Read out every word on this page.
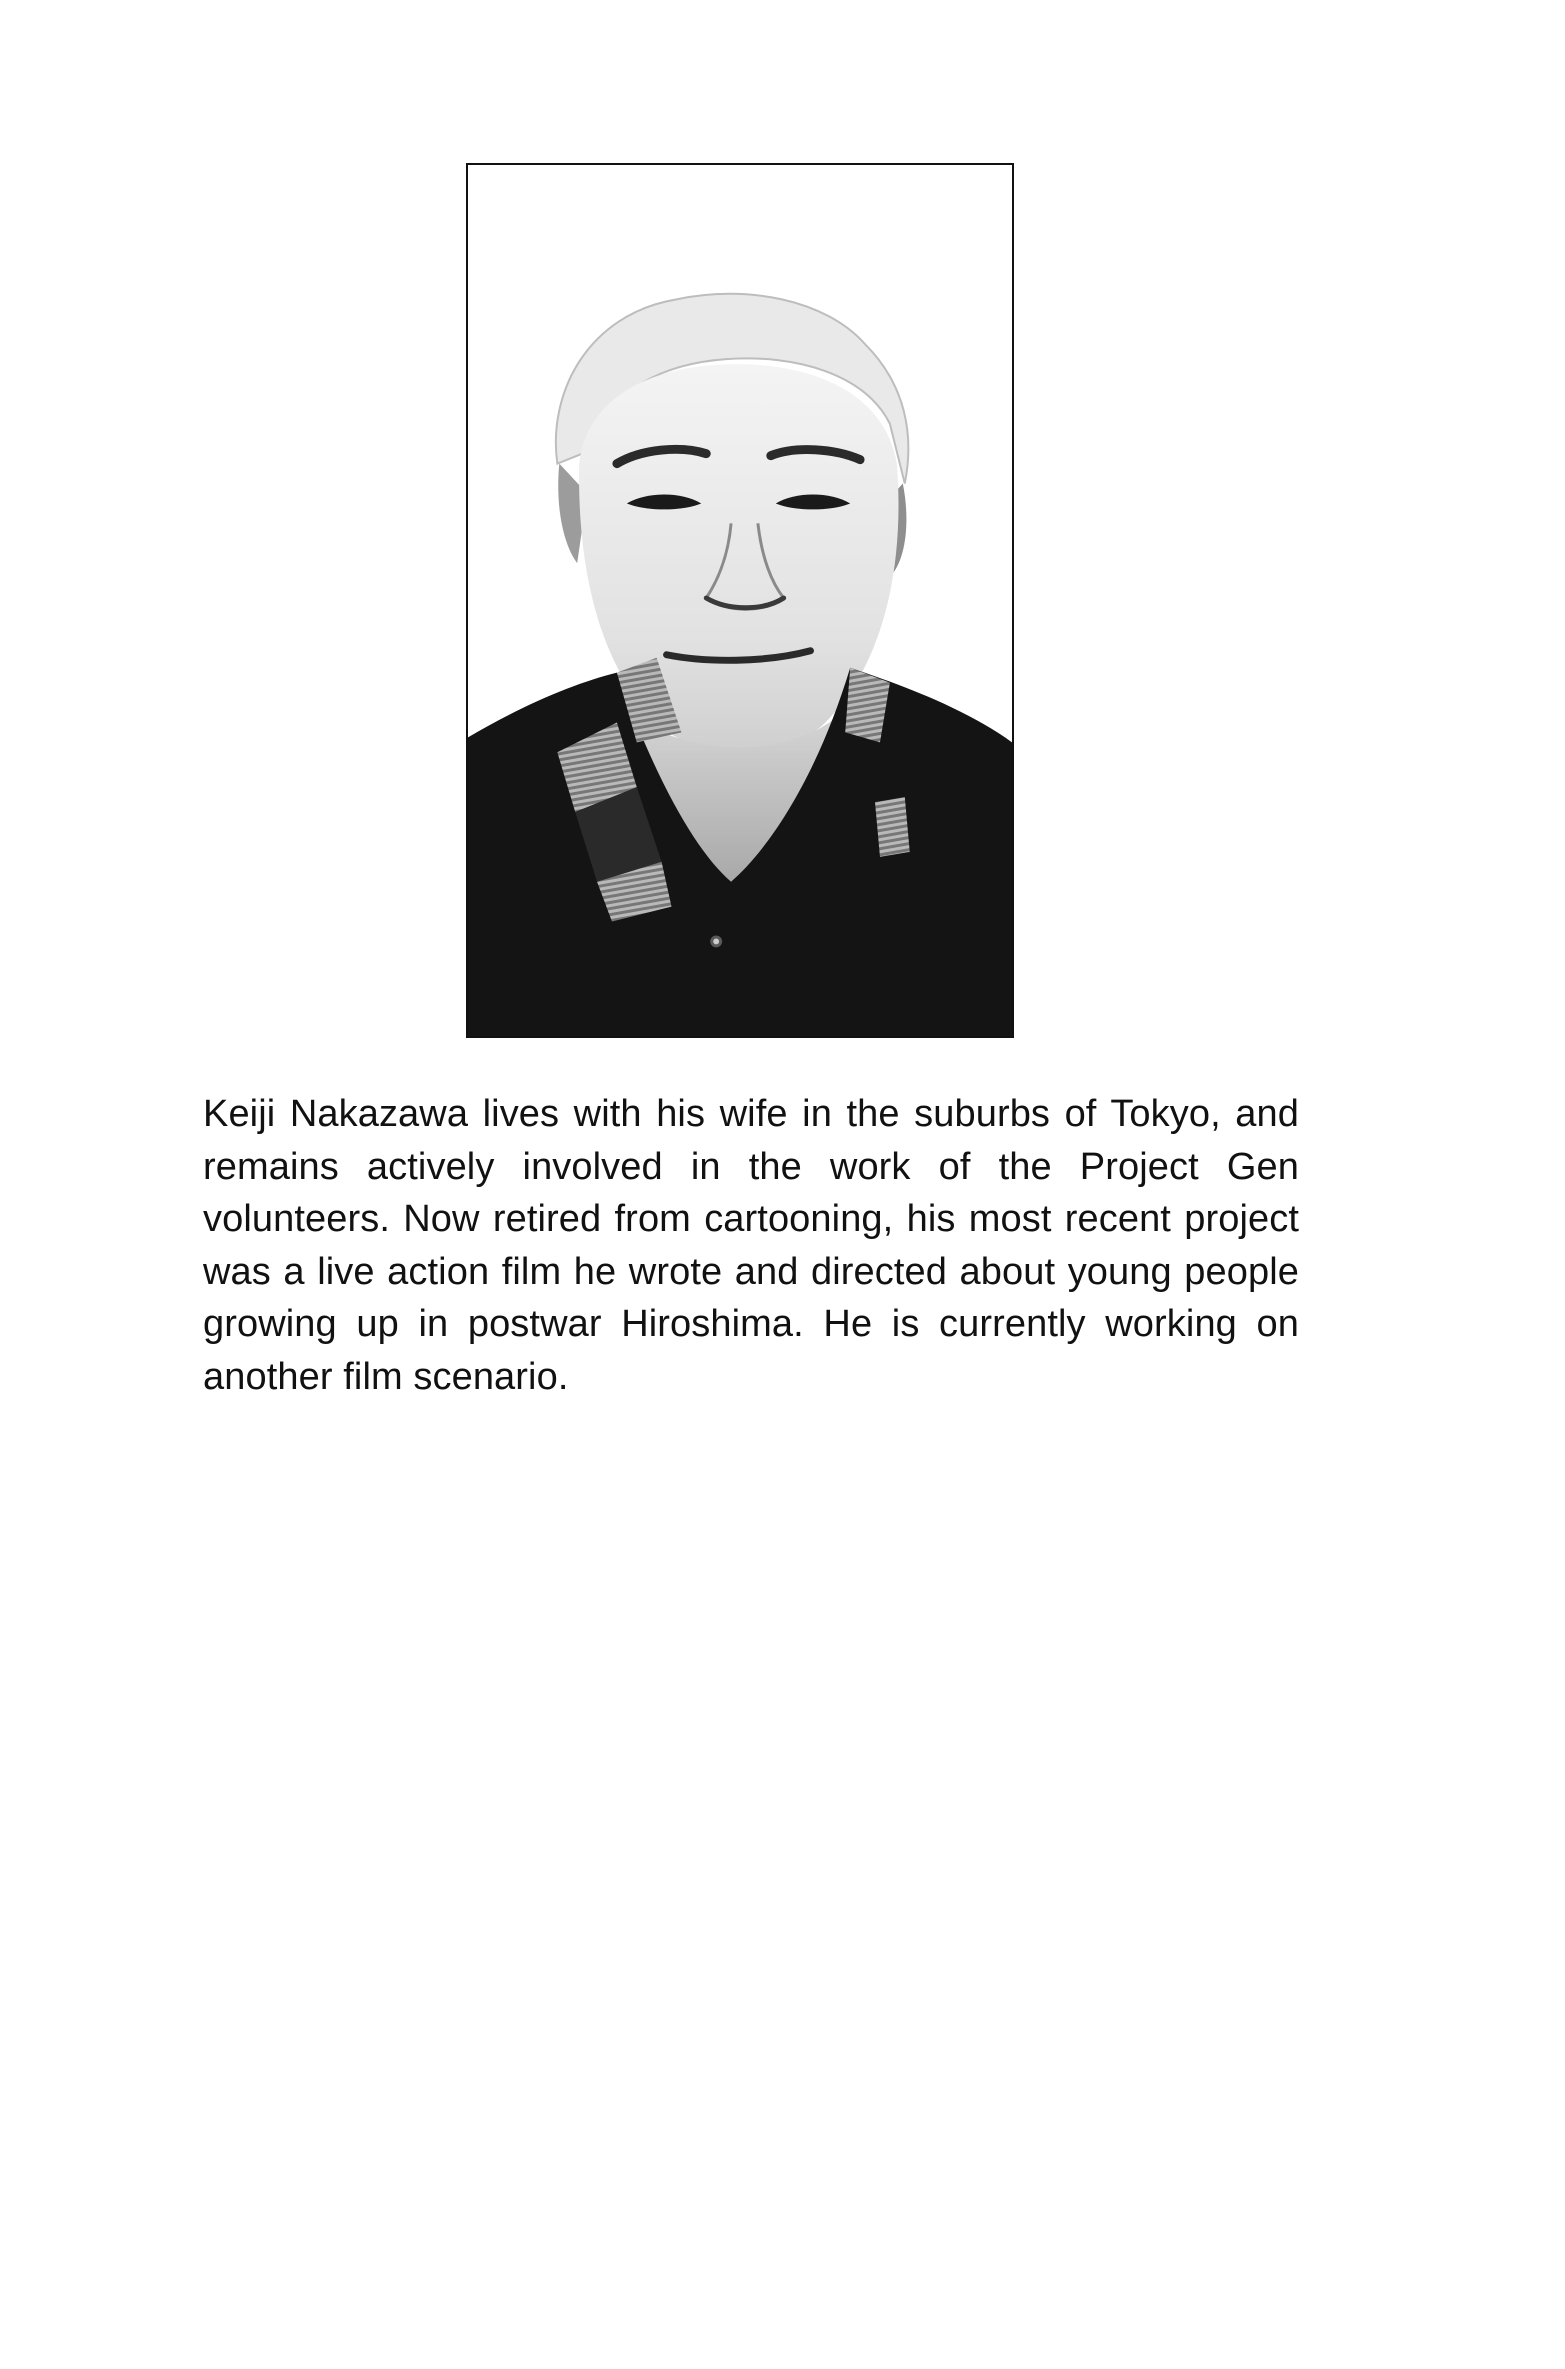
Keiji Nakazawa lives with his wife in the suburbs of Tokyo, and remains actively involved in the work of the Project Gen volunteers. Now retired from cartooning, his most recent project was a live action film he wrote and directed about young people growing up in postwar Hiroshima. He is currently working on another film scenario.
